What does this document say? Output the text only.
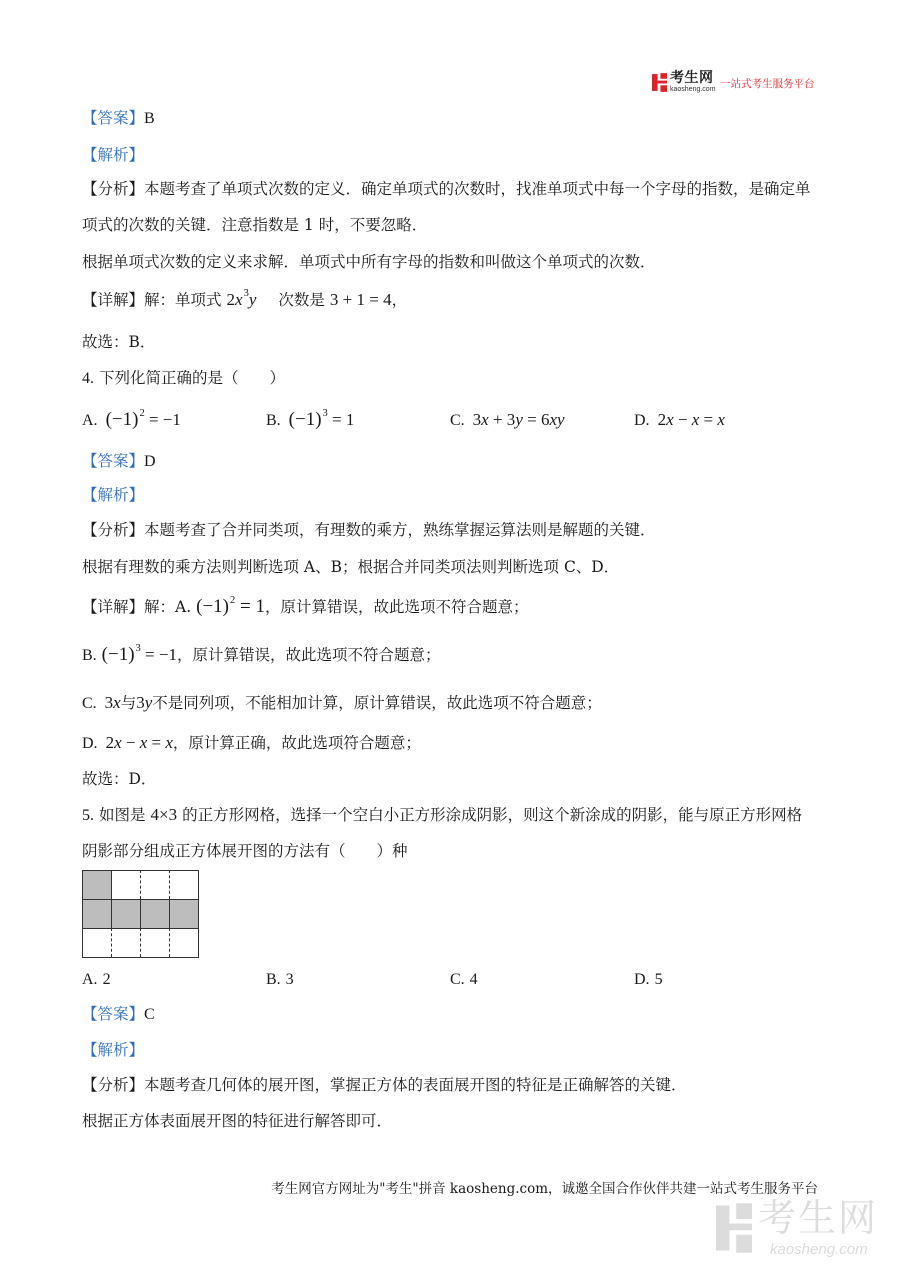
考生网
kaosheng.com 一站式考生服务平台
【答案】B
【解析】
【分析】本题考查了单项式次数的定义．确定单项式的次数时，找准单项式中每一个字母的指数，是确定单
项式的次数的关键．注意指数是 1 时，不要忽略．
根据单项式次数的定义来求解．单项式中所有字母的指数和叫做这个单项式的次数．
【详解】解：单项式 $2x^3y$ 次数是 3 + 1 = 4，
故选：B．
4. 下列化简正确的是（　　）
A. $(-1)^2 = -1$	B. $(-1)^3 = 1$	C. 3x + 3y = 6xy	D. 2x − x = x
【答案】D
【解析】
【分析】本题考查了合并同类项，有理数的乘方，熟练掌握运算法则是解题的关键．
根据有理数的乘方法则判断选项 A、B；根据合并同类项法则判断选项 C、D．
【详解】解：A. $(-1)^2 = 1$，原计算错误，故此选项不符合题意；
B. $(-1)^3 = -1$，原计算错误，故此选项不符合题意；
C. 3x与3y不是同列项，不能相加计算，原计算错误，故此选项不符合题意；
D. 2x − x = x，原计算正确，故此选项符合题意；
故选：D．
5. 如图是 4×3 的正方形网格，选择一个空白小正方形涂成阴影，则这个新涂成的阴影，能与原正方形网格
阴影部分组成正方体展开图的方法有（　　）种
A. 2	B. 3	C. 4	D. 5
【答案】C
【解析】
【分析】本题考查几何体的展开图，掌握正方体的表面展开图的特征是正确解答的关键．
根据正方体表面展开图的特征进行解答即可．
考生网官方网址为"考生"拼音 kaosheng.com，诚邀全国合作伙伴共建一站式考生服务平台
考生网
kaosheng.com
